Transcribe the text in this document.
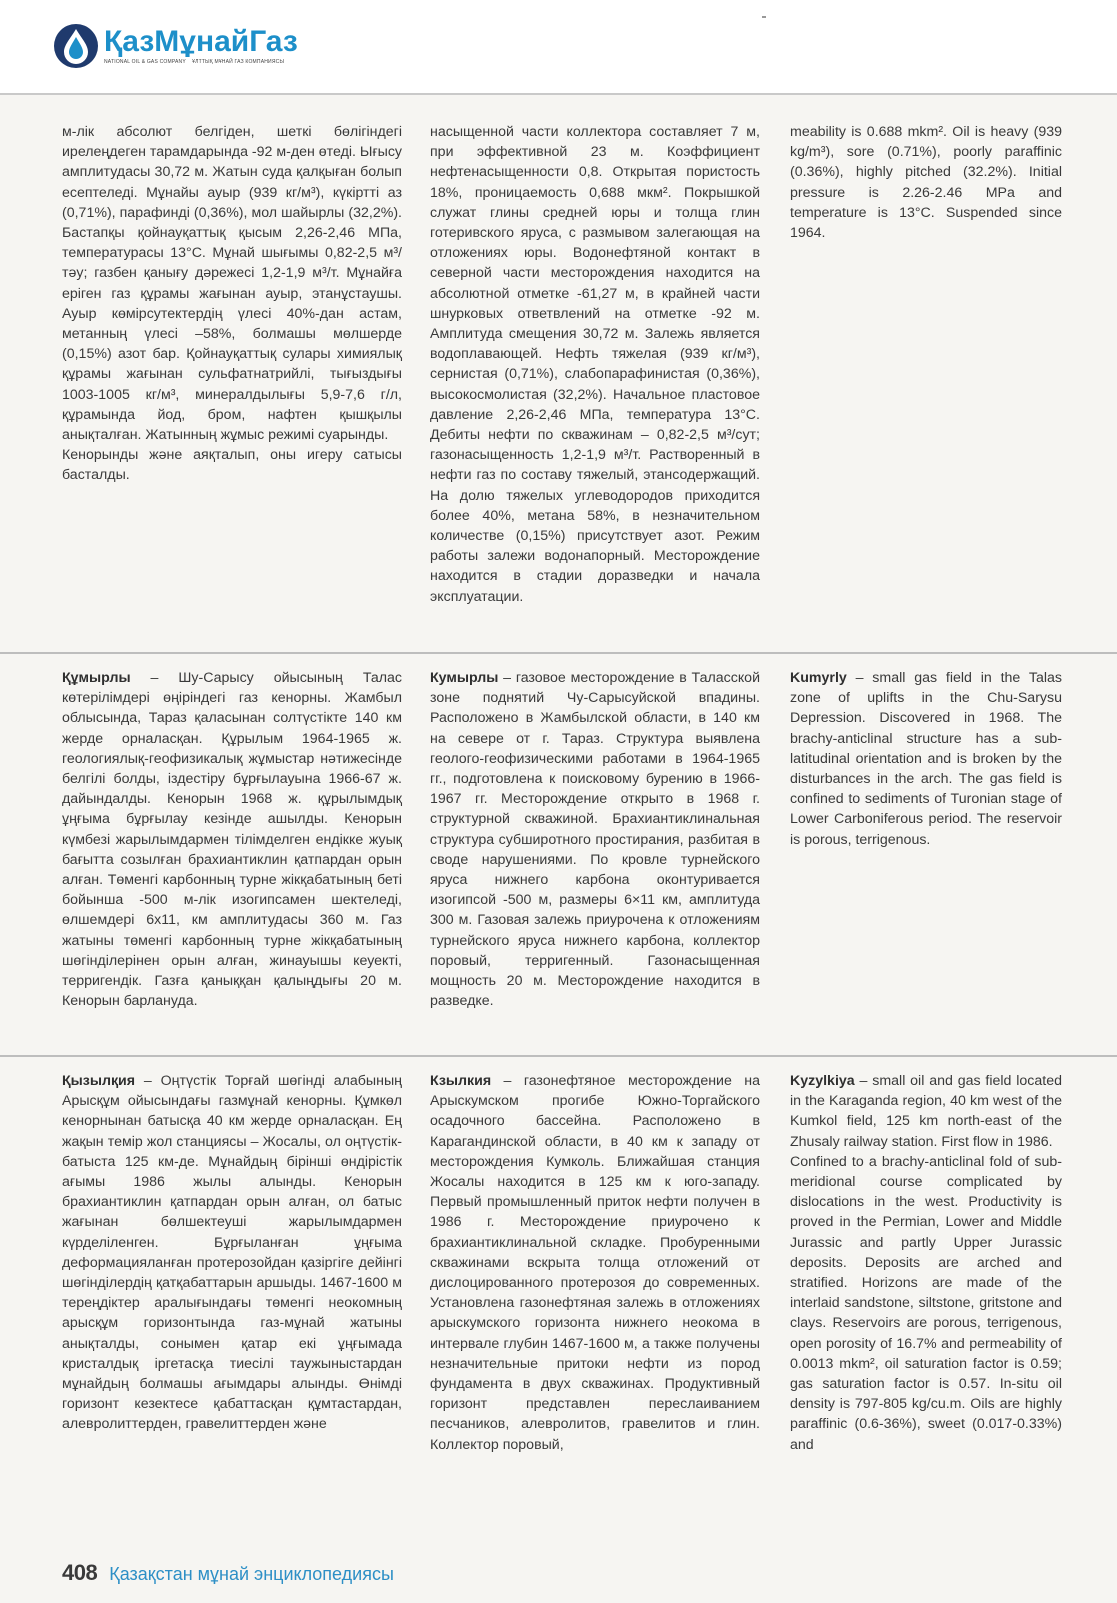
ҚазМұнайГаз
NATIONAL OIL & GAS COMPANY ҰЛТТЫҚ МҰНАЙ ГАЗ КОМПАНИЯСЫ

м-лік абсолют белгіден, шеткі бөлігіндегі ирелеңдеген тарамдарында -92 м-ден өтеді. Ығысу амплитудасы 30,72 м. Жатын суда қалқыған болып есептеледі. Мұнайы ауыр (939 кг/м³), күкіртті аз (0,71%), парафинді (0,36%), мол шайырлы (32,2%). Бастапқы қойнауқаттық қысым 2,26-2,46 МПа, температурасы 13°С. Мұнай шығымы 0,82-2,5 м³/тәу; газбен қанығу дәрежесі 1,2-1,9 м³/т. Мұнайға еріген газ құрамы жағынан ауыр, этанұстаушы. Ауыр көмірсутектердің үлесі 40%-дан астам, метанның үлесі –58%, болмашы мөлшерде (0,15%) азот бар. Қойнауқаттық сулары химиялық құрамы жағынан сульфатнатрийлі, тығыздығы 1003-1005 кг/м³, минералдылығы 5,9-7,6 г/л, құрамында йод, бром, нафтен қышқылы анықталған. Жатынның жұмыс режимі суарынды.

Кенорынды және аяқталып, оны игеру сатысы басталды.

насыщенной части коллектора составляет 7 м, при эффективной 23 м. Коэффициент нефтенасыщенности 0,8. Открытая пористость 18%, проницаемость 0,688 мкм². Покрышкой служат глины средней юры и толща глин готеривского яруса, с размывом залегающая на отложениях юры. Водонефтяной контакт в северной части месторождения находится на абсолютной отметке -61,27 м, в крайней части шнурковых ответвлений на отметке -92 м. Амплитуда смещения 30,72 м. Залежь является водоплавающей. Нефть тяжелая (939 кг/м³), сернистая (0,71%), слабопарафинистая (0,36%), высокосмолистая (32,2%). Начальное пластовое давление 2,26-2,46 МПа, температура 13°С. Дебиты нефти по скважинам – 0,82-2,5 м³/сут; газонасыщенность 1,2-1,9 м³/т. Растворенный в нефти газ по составу тяжелый, этансодержащий. На долю тяжелых углеводородов приходится более 40%, метана 58%, в незначительном количестве (0,15%) присутствует азот. Режим работы залежи водонапорный. Месторождение находится в стадии доразведки и начала эксплуатации.

meability is 0.688 mkm². Oil is heavy (939 kg/m³), sore (0.71%), poorly paraffinic (0.36%), highly pitched (32.2%). Initial pressure is 2.26-2.46 MPa and temperature is 13°C. Suspended since 1964.

Құмырлы – Шу-Сарысу ойысының Талас көтерілімдері өңіріндегі газ кенорны. Жамбыл облысында, Тараз қаласынан солтүстікте 140 км жерде орналасқан. Құрылым 1964-1965 ж. геологиялық-геофизикалық жұмыстар нәтижесінде белгілі болды, іздестіру бұрғылауына 1966-67 ж. дайындалды. Кенорын 1968 ж. құрылымдық ұңғыма бұрғылау кезінде ашылды. Кенорын күмбезі жарылымдармен тілімделген ендікке жуық бағытта созылған брахиантиклин қатпардан орын алған. Төменгі карбонның турне жікқабатының беті бойынша -500 м-лік изогипсамен шектеледі, өлшемдері 6х11, км амплитудасы 360 м. Газ жатыны төменгі карбонның турне жікқабатының шөгінділерінен орын алған, жинауышы кеуекті, терригендік. Газға қаныққан қалыңдығы 20 м. Кенорын барлануда.

Кумырлы – газовое месторождение в Таласской зоне поднятий Чу-Сарысуйской впадины. Расположено в Жамбылской области, в 140 км на севере от г. Тараз. Структура выявлена геолого-геофизическими работами в 1964-1965 гг., подготовлена к поисковому бурению в 1966-1967 гг. Месторождение открыто в 1968 г. структурной скважиной. Брахиантиклинальная структура субширотного простирания, разбитая в своде нарушениями. По кровле турнейского яруса нижнего карбона оконтуривается изогипсой -500 м, размеры 6×11 км, амплитуда 300 м. Газовая залежь приурочена к отложениям турнейского яруса нижнего карбона, коллектор поровый, терригенный. Газонасыщенная мощность 20 м. Месторождение находится в разведке.

Kumyrly – small gas field in the Talas zone of uplifts in the Chu-Sarysu Depression. Discovered in 1968. The brachy-anticlinal structure has a sub-latitudinal orientation and is broken by the disturbances in the arch. The gas field is confined to sediments of Turonian stage of Lower Carboniferous period. The reservoir is porous, terrigenous.

Қызылқия – Оңтүстік Торғай шөгінді алабының Арысқұм ойысындағы газмұнай кенорны. Құмкөл кенорнынан батысқа 40 км жерде орналасқан. Ең жақын темір жол станциясы – Жосалы, ол оңтүстік-батыста 125 км-де. Мұнайдың бірінші өндірістік ағымы 1986 жылы алынды. Кенорын брахиантиклин қатпардан орын алған, ол батыс жағынан бөлшектеуші жарылымдармен күрделіленген. Бұрғыланған ұңғыма деформацияланған протерозойдан қазіргіге дейінгі шөгінділердің қатқабаттарын аршыды. 1467-1600 м тереңдіктер аралығындағы төменгі неокомның арысқұм горизонтында газ-мұнай жатыны анықталды, сонымен қатар екі ұңғымада кристалдық іргетасқа тиесілі таужыныстардан мұнайдың болмашы ағымдары алынды. Өнімді горизонт кезектесе қабаттасқан құмтастардан, алевролиттерден, гравелиттерден және

Кзылкия – газонефтяное месторождение на Арыскумском прогибе Южно-Торгайского осадочного бассейна. Расположено в Карагандинской области, в 40 км к западу от месторождения Кумколь. Ближайшая станция Жосалы находится в 125 км к юго-западу. Первый промышленный приток нефти получен в 1986 г. Месторождение приурочено к брахиантиклинальной складке. Пробуренными скважинами вскрыта толща отложений от дислоцированного протерозоя до современных. Установлена газонефтяная залежь в отложениях арыскумского горизонта нижнего неокома в интервале глубин 1467-1600 м, а также получены незначительные притоки нефти из пород фундамента в двух скважинах. Продуктивный горизонт представлен переслаиванием песчаников, алевролитов, гравелитов и глин. Коллектор поровый,

Kyzylkiya – small oil and gas field located in the Karaganda region, 40 km west of the Kumkol field, 125 km north-east of the Zhusaly railway station. First flow in 1986.

Confined to a brachy-anticlinal fold of sub-meridional course complicated by dislocations in the west. Productivity is proved in the Permian, Lower and Middle Jurassic and partly Upper Jurassic deposits. Deposits are arched and stratified. Horizons are made of the interlaid sandstone, siltstone, gritstone and clays. Reservoirs are porous, terrigenous, open porosity of 16.7% and permeability of 0.0013 mkm², oil saturation factor is 0.59; gas saturation factor is 0.57. In-situ oil density is 797-805 kg/cu.m. Oils are highly paraffinic (0.6-36%), sweet (0.017-0.33%) and

408 Қазақстан мұнай энциклопедиясы
